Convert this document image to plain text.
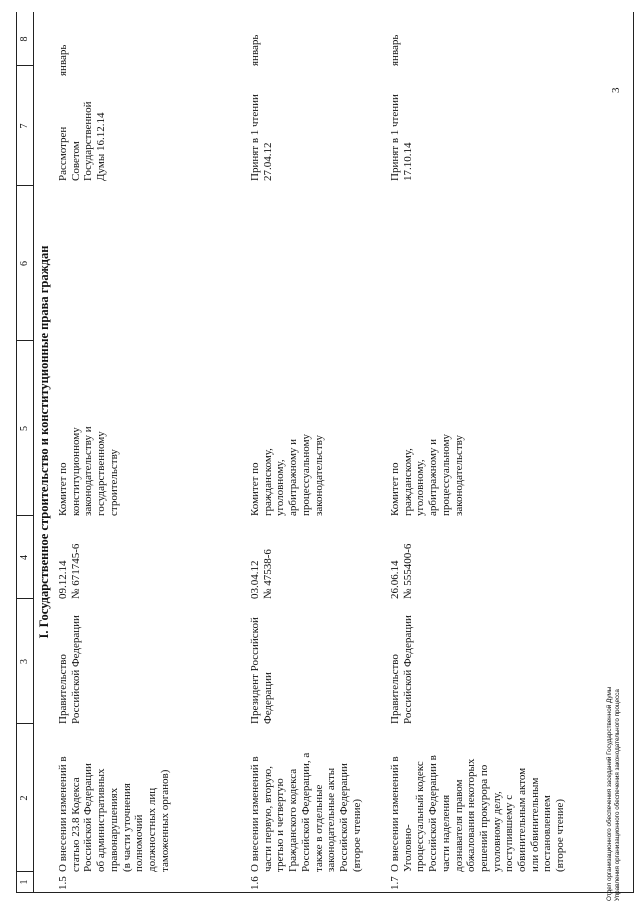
1
2
3
4
5
6
7
8
I. Государственное строительство и конституционные права граждан
1.5
О внесении изменений в статью 23.8 Кодекса Российской Федерации об административных правонарушениях (в части уточнения полномочий должностных лиц таможенных органов)
Правительство Российской Федерации
09.12.14 № 671745-6
Комитет по конституционному законодательству и государственному строительству
Рассмотрен Советом Государственной Думы 16.12.14
январь
1.6
О внесении изменений в части первую, вторую, третью и четвертую Гражданского кодекса Российской Федерации, а также в отдельные законодательные акты Российской Федерации (второе чтение)
Президент Российской Федерации
03.04.12 № 47538-6
Комитет по гражданскому, уголовному, арбитражному и процессуальному законодательству
Принят в 1 чтении 27.04.12
январь
1.7
О внесении изменений в Уголовно- процессуальный кодекс Российской Федерации в части наделения дознавателя правом обжалования некоторых решений прокурора по уголовному делу, поступившему с обвинительным актом или обвинительным постановлением (второе чтение)
Правительство Российской Федерации
26.06.14 № 555400-6
Комитет по гражданскому, уголовному, арбитражному и процессуальному законодательству
Принят в 1 чтении 17.10.14
январь
Отдел организационного обеспечения заседаний Государственной Думы Управления организационного обеспечения законодательного процесса
3
